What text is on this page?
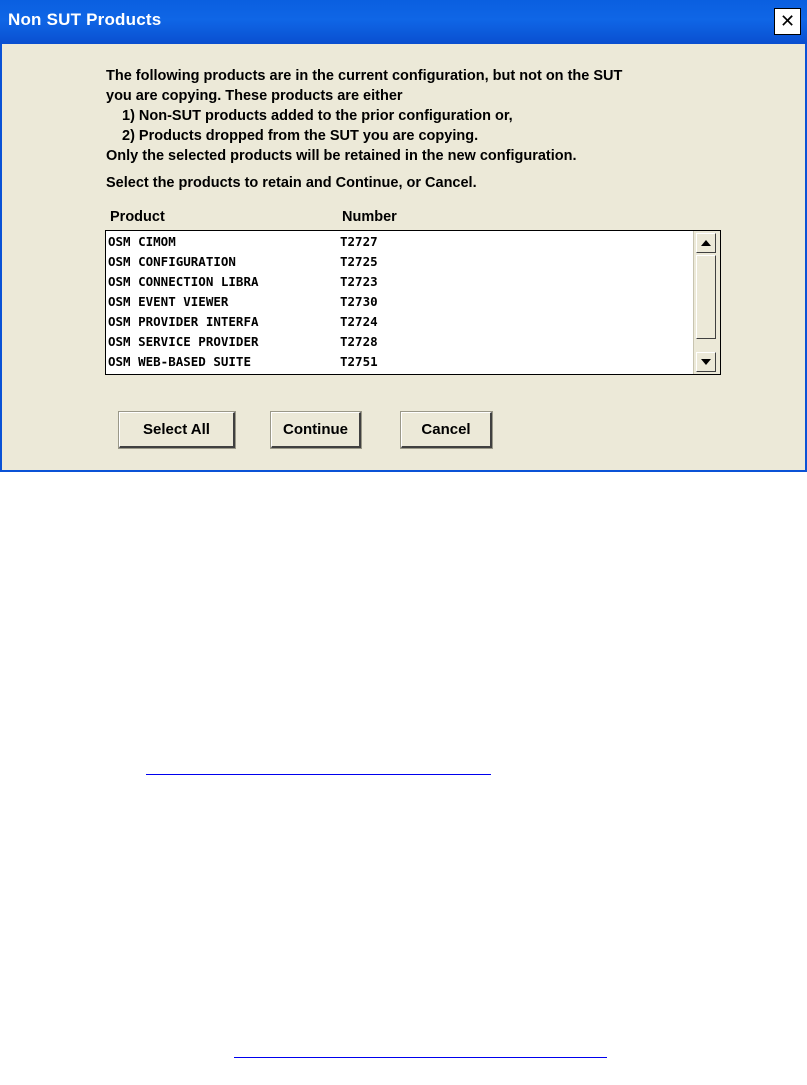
Non SUT Products	✕
The following products are in the current configuration, but not on the SUT
you are copying. These products are either
1) Non-SUT products added to the prior configuration or,
2) Products dropped from the SUT you are copying.
Only the selected products will be retained in the new configuration.
Select the products to retain and Continue, or Cancel.
Product	Number
OSM CIMOM	T2727
OSM CONFIGURATION	T2725
OSM CONNECTION LIBRA	T2723
OSM EVENT VIEWER	T2730
OSM PROVIDER INTERFA	T2724
OSM SERVICE PROVIDER	T2728
OSM WEB-BASED SUITE	T2751
Select All	Continue	Cancel
